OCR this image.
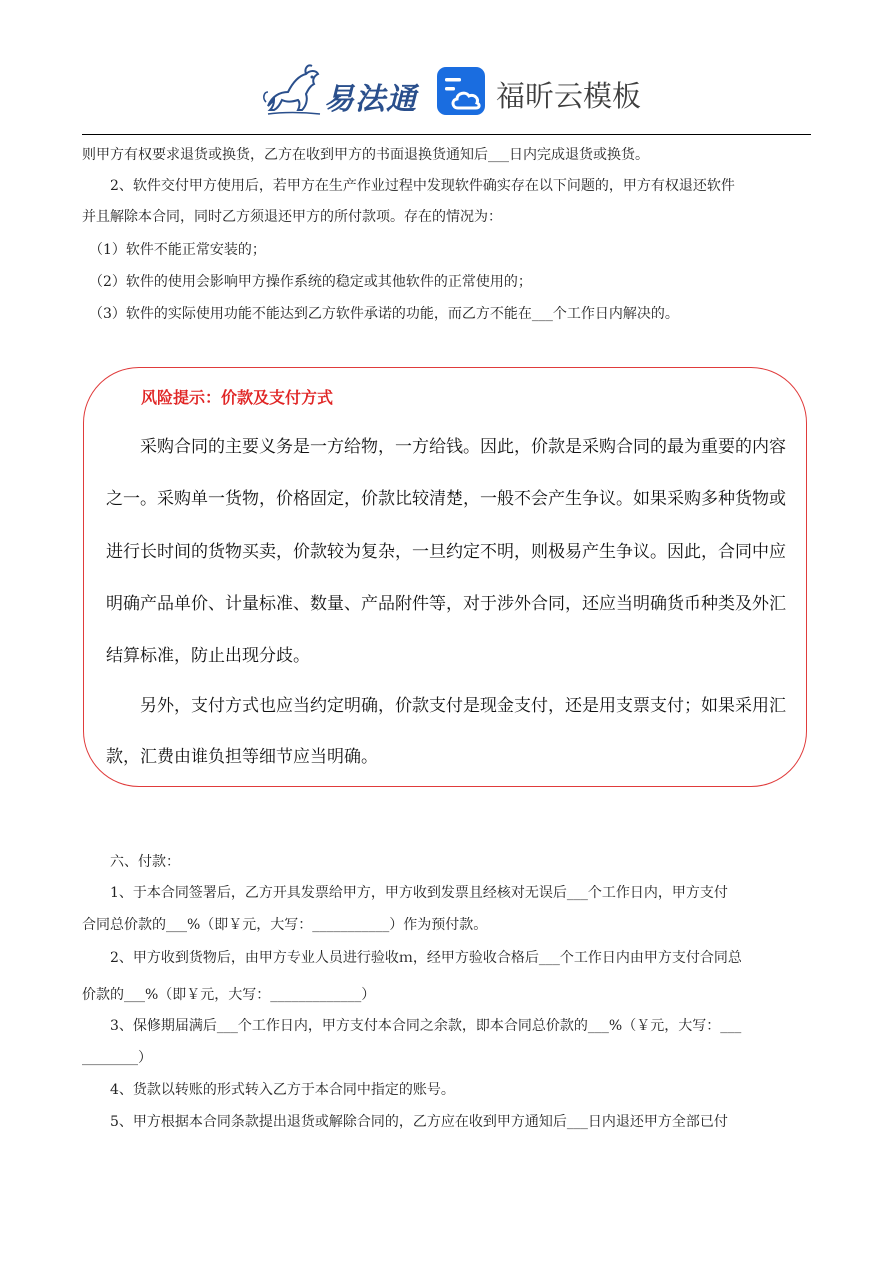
易法通	福昕云模板
则甲方有权要求退货或换货，乙方在收到甲方的书面退换货通知后___日内完成退货或换货。
　　2、软件交付甲方使用后，若甲方在生产作业过程中发现软件确实存在以下问题的，甲方有权退还软件
并且解除本合同，同时乙方须退还甲方的所付款项。存在的情况为：
　（1）软件不能正常安装的；
　（2）软件的使用会影响甲方操作系统的稳定或其他软件的正常使用的；
　（3）软件的实际使用功能不能达到乙方软件承诺的功能，而乙方不能在___个工作日内解决的。
风险提示：价款及支付方式
　　采购合同的主要义务是一方给物，一方给钱。因此，价款是采购合同的最为重要的内容
之一。采购单一货物，价格固定，价款比较清楚，一般不会产生争议。如果采购多种货物或
进行长时间的货物买卖，价款较为复杂，一旦约定不明，则极易产生争议。因此，合同中应
明确产品单价、计量标准、数量、产品附件等，对于涉外合同，还应当明确货币种类及外汇
结算标准，防止出现分歧。
　　另外，支付方式也应当约定明确，价款支付是现金支付，还是用支票支付；如果采用汇
款，汇费由谁负担等细节应当明确。
　　六、付款：
　　1、于本合同签署后，乙方开具发票给甲方，甲方收到发票且经核对无误后___个工作日内，甲方支付
合同总价款的___%（即￥元，大写：___________）作为预付款。
　　2、甲方收到货物后，由甲方专业人员进行验收ｍ，经甲方验收合格后___个工作日内由甲方支付合同总
价款的___%（即￥元，大写：_____________）
　　3、保修期届满后___个工作日内，甲方支付本合同之余款，即本合同总价款的___%（￥元，大写：___
________）
　　4、货款以转账的形式转入乙方于本合同中指定的账号。
　　5、甲方根据本合同条款提出退货或解除合同的，乙方应在收到甲方通知后___日内退还甲方全部已付
